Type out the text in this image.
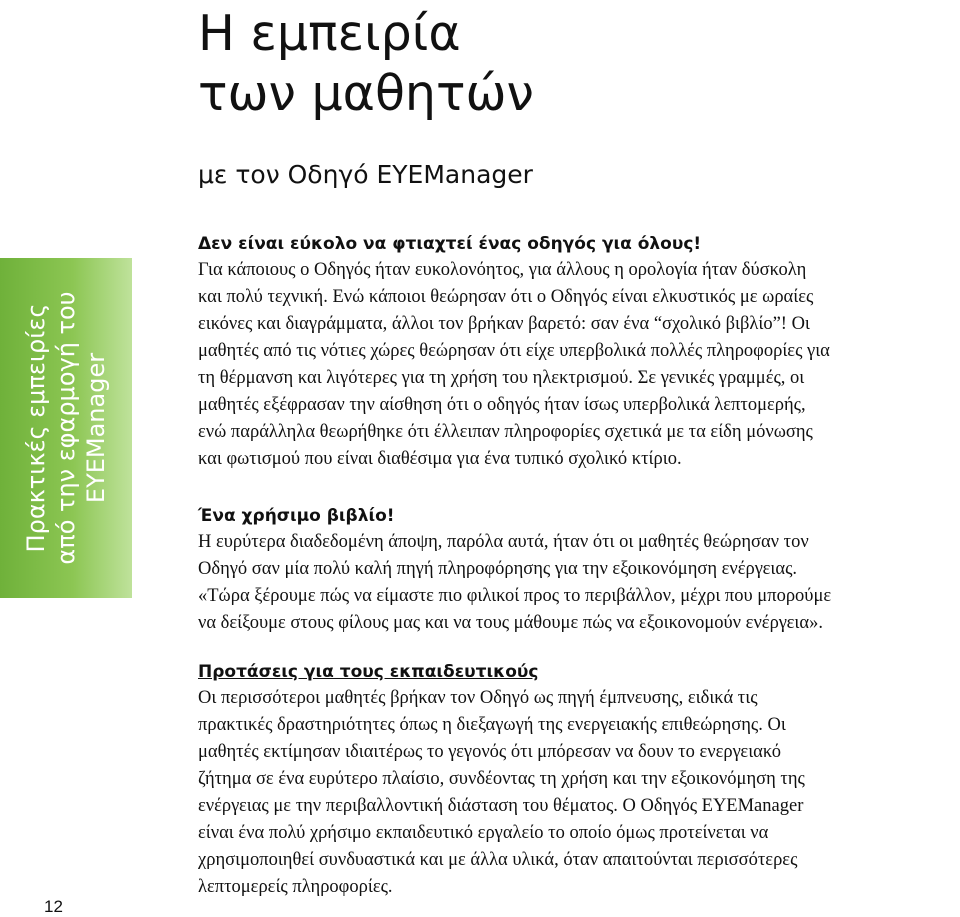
Πρακτικές εμπειρίες από την εφαρμογή του EYEManager
12
Η εμπειρία
των μαθητών
με τον Οδηγό EYEManager
Δεν είναι εύκολο να φτιαχτεί ένας οδηγός για όλους!
Για κάποιους ο Οδηγός ήταν ευκολονόητος, για άλλους η ορολογία ήταν δύσκολη
και πολύ τεχνική. Ενώ κάποιοι θεώρησαν ότι ο Οδηγός είναι ελκυστικός με ωραίες
εικόνες και διαγράμματα, άλλοι τον βρήκαν βαρετό: σαν ένα “σχολικό βιβλίο”! Οι
μαθητές από τις νότιες χώρες θεώρησαν ότι είχε υπερβολικά πολλές πληροφορίες για
τη θέρμανση και λιγότερες για τη χρήση του ηλεκτρισμού. Σε γενικές γραμμές, οι
μαθητές εξέφρασαν την αίσθηση ότι ο οδηγός ήταν ίσως υπερβολικά λεπτομερής,
ενώ παράλληλα θεωρήθηκε ότι έλλειπαν πληροφορίες σχετικά με τα είδη μόνωσης
και φωτισμού που είναι διαθέσιμα για ένα τυπικό σχολικό κτίριο.
Ένα χρήσιμο βιβλίο!
Η ευρύτερα διαδεδομένη άποψη, παρόλα αυτά, ήταν ότι οι μαθητές θεώρησαν τον
Οδηγό σαν μία πολύ καλή πηγή πληροφόρησης για την εξοικονόμηση ενέργειας.
«Τώρα ξέρουμε πώς να είμαστε πιο φιλικοί προς το περιβάλλον, μέχρι που μπορούμε
να δείξουμε στους φίλους μας και να τους μάθουμε πώς να εξοικονομούν ενέργεια».
Προτάσεις για τους εκπαιδευτικούς
Οι περισσότεροι μαθητές βρήκαν τον Οδηγό ως πηγή έμπνευσης, ειδικά τις
πρακτικές δραστηριότητες όπως η διεξαγωγή της ενεργειακής επιθεώρησης. Οι
μαθητές εκτίμησαν ιδιαιτέρως το γεγονός ότι μπόρεσαν να δουν το ενεργειακό
ζήτημα σε ένα ευρύτερο πλαίσιο, συνδέοντας τη χρήση και την εξοικονόμηση της
ενέργειας με την περιβαλλοντική διάσταση του θέματος. Ο Οδηγός EYEManager
είναι ένα πολύ χρήσιμο εκπαιδευτικό εργαλείο το οποίο όμως προτείνεται να
χρησιμοποιηθεί συνδυαστικά και με άλλα υλικά, όταν απαιτούνται περισσότερες
λεπτομερείς πληροφορίες.
